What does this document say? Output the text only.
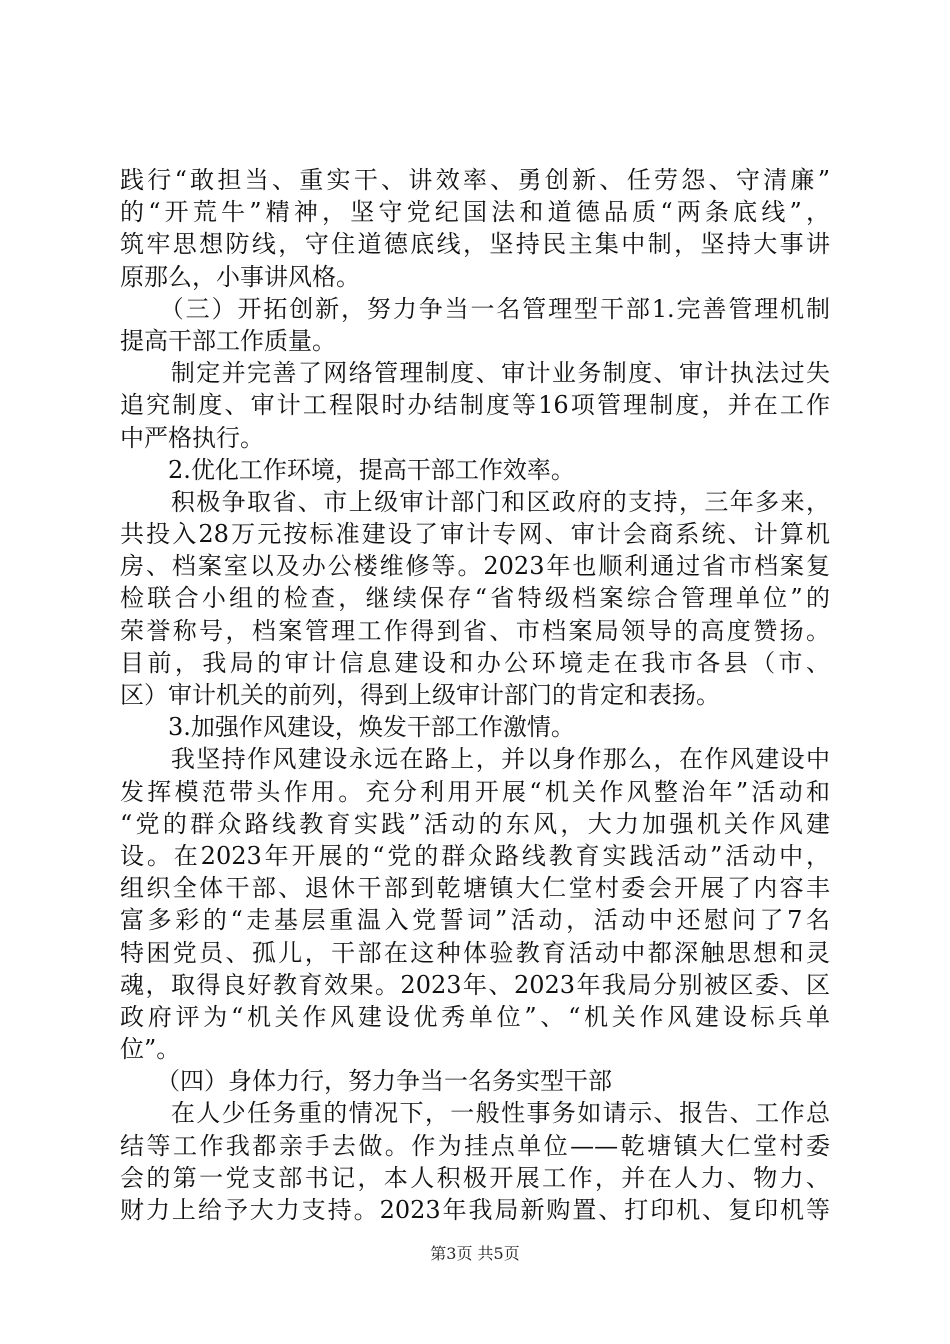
践行“敢担当、重实干、讲效率、勇创新、任劳怨、守清廉”
的“开荒牛”精神，坚守党纪国法和道德品质“两条底线”，
筑牢思想防线，守住道德底线，坚持民主集中制，坚持大事讲
原那么，小事讲风格。
　　（三）开拓创新，努力争当一名管理型干部1.完善管理机制
提高干部工作质量。
　　制定并完善了网络管理制度、审计业务制度、审计执法过失
追究制度、审计工程限时办结制度等16项管理制度，并在工作
中严格执行。
　　2.优化工作环境，提高干部工作效率。
　　积极争取省、市上级审计部门和区政府的支持，三年多来，
共投入28万元按标准建设了审计专网、审计会商系统、计算机
房、档案室以及办公楼维修等。2023年也顺利通过省市档案复
检联合小组的检查，继续保存“省特级档案综合管理单位”的
荣誉称号，档案管理工作得到省、市档案局领导的高度赞扬。
目前，我局的审计信息建设和办公环境走在我市各县（市、
区）审计机关的前列，得到上级审计部门的肯定和表扬。
　　3.加强作风建设，焕发干部工作激情。
　　我坚持作风建设永远在路上，并以身作那么，在作风建设中
发挥模范带头作用。充分利用开展“机关作风整治年”活动和
“党的群众路线教育实践”活动的东风，大力加强机关作风建
设。在2023年开展的“党的群众路线教育实践活动”活动中，
组织全体干部、退休干部到乾塘镇大仁堂村委会开展了内容丰
富多彩的“走基层重温入党誓词”活动，活动中还慰问了7名
特困党员、孤儿，干部在这种体验教育活动中都深触思想和灵
魂，取得良好教育效果。2023年、2023年我局分别被区委、区
政府评为“机关作风建设优秀单位”、“机关作风建设标兵单
位”。
　　（四）身体力行，努力争当一名务实型干部
　　在人少任务重的情况下，一般性事务如请示、报告、工作总
结等工作我都亲手去做。作为挂点单位——乾塘镇大仁堂村委
会的第一党支部书记，本人积极开展工作，并在人力、物力、
财力上给予大力支持。2023年我局新购置、打印机、复印机等
第3页 共5页
